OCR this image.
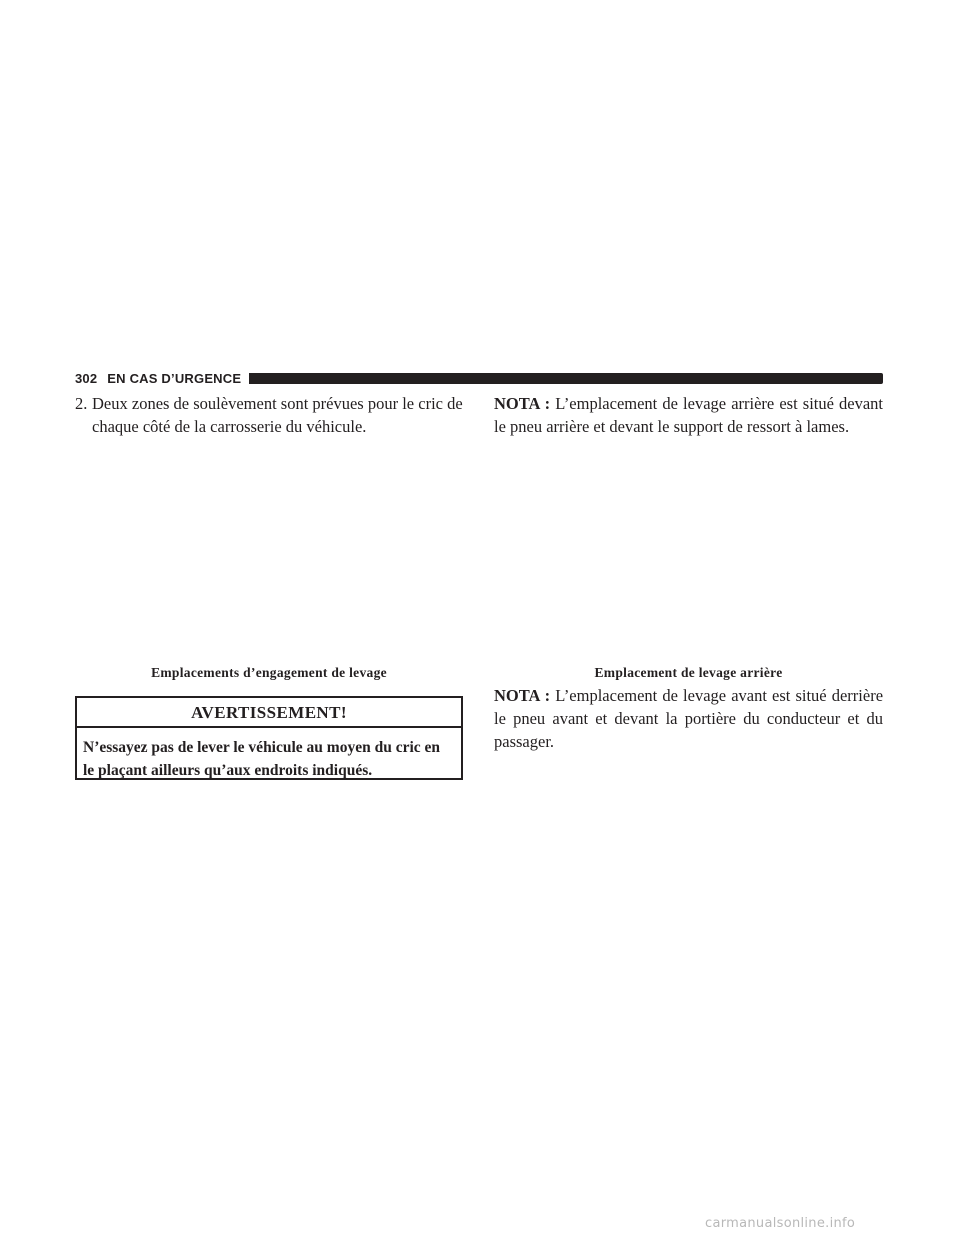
302 EN CAS D’URGENCE
2. Deux zones de soulèvement sont prévues pour le cric de chaque côté de la carrosserie du véhicule.

NOTA : L’emplacement de levage arrière est situé devant le pneu arrière et devant le support de ressort à lames.

Emplacements d’engagement de levage	Emplacement de levage arrière
AVERTISSEMENT!
N’essayez pas de lever le véhicule au moyen du cric en le plaçant ailleurs qu’aux endroits indiqués.

NOTA : L’emplacement de levage avant est situé derrière le pneu avant et devant la portière du conducteur et du passager.

carmanualsonline.info
